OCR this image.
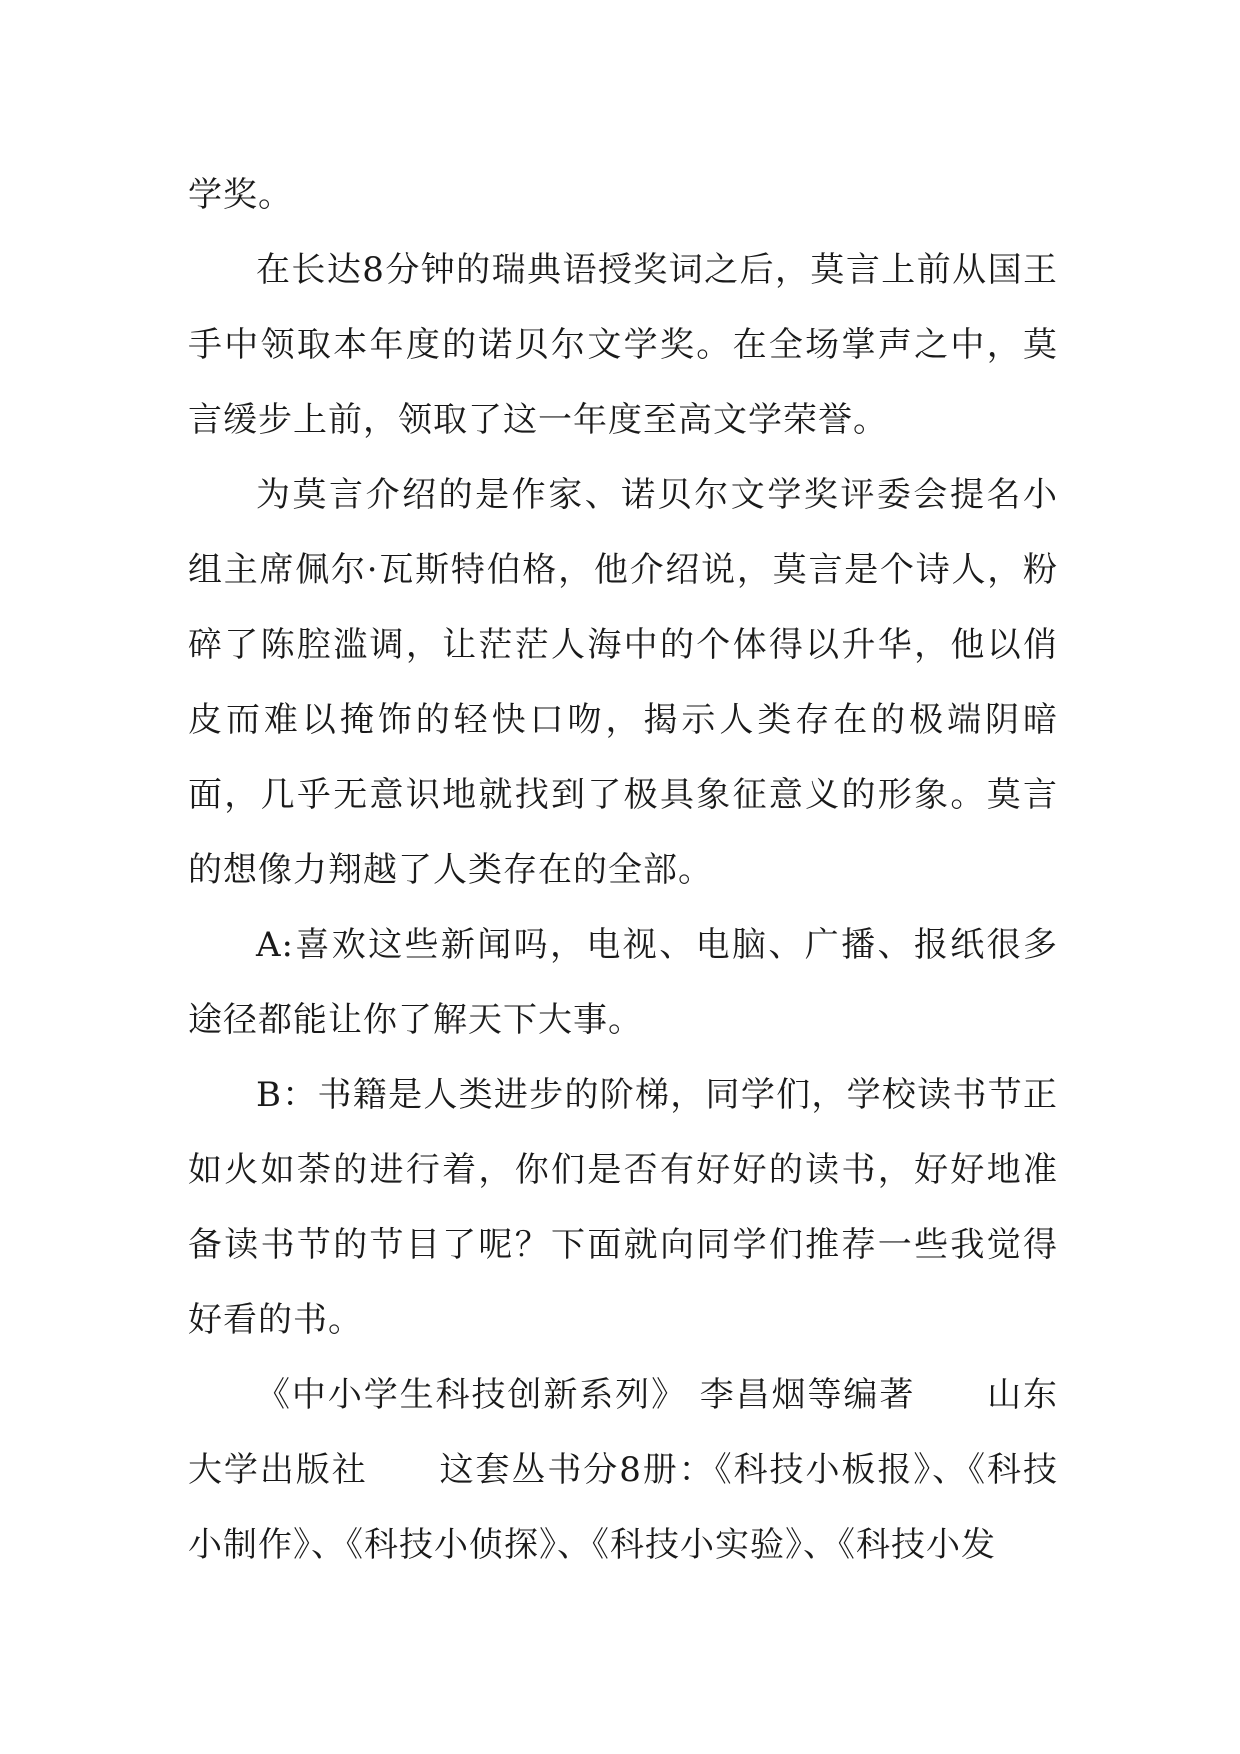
学奖。

在长达8分钟的瑞典语授奖词之后，莫言上前从国王手中领取本年度的诺贝尔文学奖。在全场掌声之中，莫言缓步上前，领取了这一年度至高文学荣誉。

为莫言介绍的是作家、诺贝尔文学奖评委会提名小组主席佩尔·瓦斯特伯格，他介绍说，莫言是个诗人，粉碎了陈腔滥调，让茫茫人海中的个体得以升华，他以俏皮而难以掩饰的轻快口吻，揭示人类存在的极端阴暗面，几乎无意识地就找到了极具象征意义的形象。莫言的想像力翔越了人类存在的全部。

A:喜欢这些新闻吗，电视、电脑、广播、报纸很多途径都能让你了解天下大事。

B：书籍是人类进步的阶梯，同学们，学校读书节正如火如荼的进行着，你们是否有好好的读书，好好地准备读书节的节目了呢？下面就向同学们推荐一些我觉得好看的书。

《中小学生科技创新系列》 李昌烟等编著　　山东大学出版社　　这套丛书分8册：《科技小板报》、《科技小制作》、《科技小侦探》、《科技小实验》、《科技小发
